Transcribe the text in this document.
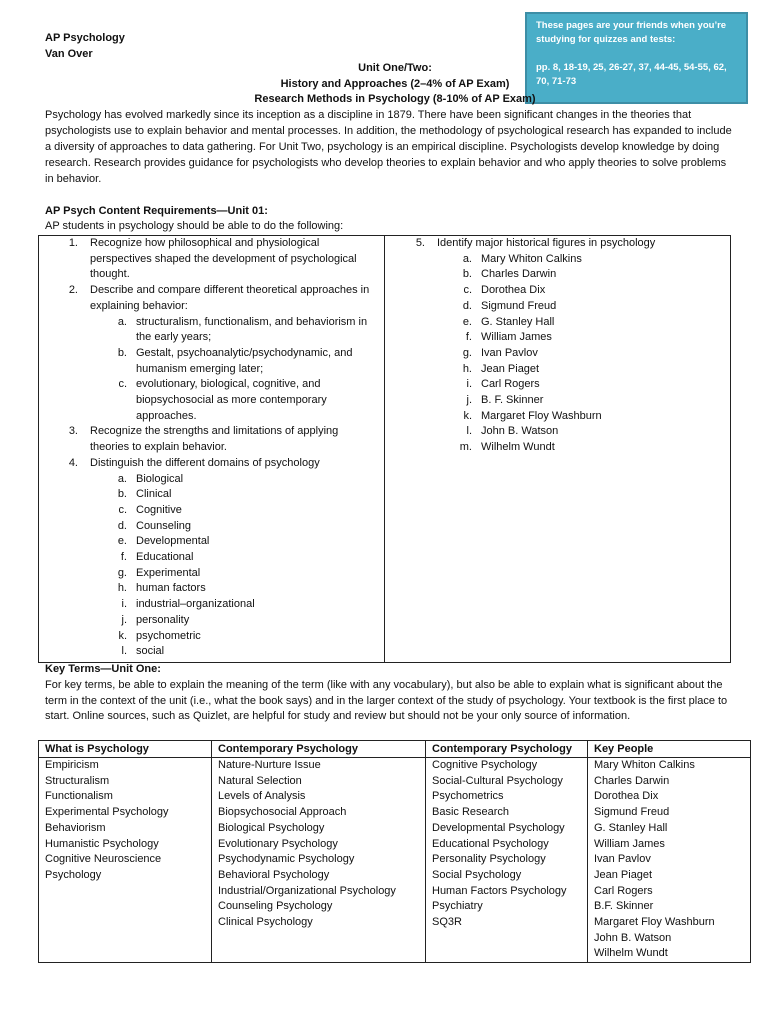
AP Psychology
Van Over

These pages are your friends when you’re studying for quizzes and tests:

pp. 8, 18-19, 25, 26-27, 37, 44-45, 54-55, 62, 70, 71-73

Unit One/Two:
History and Approaches (2–4% of AP Exam)
Research Methods in Psychology (8-10% of AP Exam)
Psychology has evolved markedly since its inception as a discipline in 1879. There have been significant changes in the theories that psychologists use to explain behavior and mental processes. In addition, the methodology of psychological research has expanded to include a diversity of approaches to data gathering. For Unit Two, psychology is an empirical discipline. Psychologists develop knowledge by doing research. Research provides guidance for psychologists who develop theories to explain behavior and who apply theories to solve problems in behavior.
AP Psych Content Requirements—Unit 01:
AP students in psychology should be able to do the following:
1. Recognize how philosophical and physiological perspectives shaped the development of psychological thought.
2. Describe and compare different theoretical approaches in explaining behavior:
a. structuralism, functionalism, and behaviorism in the early years;
b. Gestalt, psychoanalytic/psychodynamic, and humanism emerging later;
c. evolutionary, biological, cognitive, and biopsychosocial as more contemporary approaches.
3. Recognize the strengths and limitations of applying theories to explain behavior.
4. Distinguish the different domains of psychology
a. Biological
b. Clinical
c. Cognitive
d. Counseling
e. Developmental
f. Educational
g. Experimental
h. human factors
i. industrial–organizational
j. personality
k. psychometric
l. social
5. Identify major historical figures in psychology
a. Mary Whiton Calkins
b. Charles Darwin
c. Dorothea Dix
d. Sigmund Freud
e. G. Stanley Hall
f. William James
g. Ivan Pavlov
h. Jean Piaget
i. Carl Rogers
j. B. F. Skinner
k. Margaret Floy Washburn
l. John B. Watson
m. Wilhelm Wundt
Key Terms—Unit One:
For key terms, be able to explain the meaning of the term (like with any vocabulary), but also be able to explain what is significant about the term in the context of the unit (i.e., what the book says) and in the larger context of the study of psychology. Your textbook is the first place to start. Online sources, such as Quizlet, are helpful for study and review but should not be your only source of information.
What is Psychology
Empiricism
Structuralism
Functionalism
Experimental Psychology
Behaviorism
Humanistic Psychology
Cognitive Neuroscience
Psychology
Contemporary Psychology
Nature-Nurture Issue
Natural Selection
Levels of Analysis
Biopsychosocial Approach
Biological Psychology
Evolutionary Psychology
Psychodynamic Psychology
Behavioral Psychology
Industrial/Organizational Psychology
Counseling Psychology
Clinical Psychology
Contemporary Psychology
Cognitive Psychology
Social-Cultural Psychology
Psychometrics
Basic Research
Developmental Psychology
Educational Psychology
Personality Psychology
Social Psychology
Human Factors Psychology
Psychiatry
SQ3R
Key People
Mary Whiton Calkins
Charles Darwin
Dorothea Dix
Sigmund Freud
G. Stanley Hall
William James
Ivan Pavlov
Jean Piaget
Carl Rogers
B.F. Skinner
Margaret Floy Washburn
John B. Watson
Wilhelm Wundt
